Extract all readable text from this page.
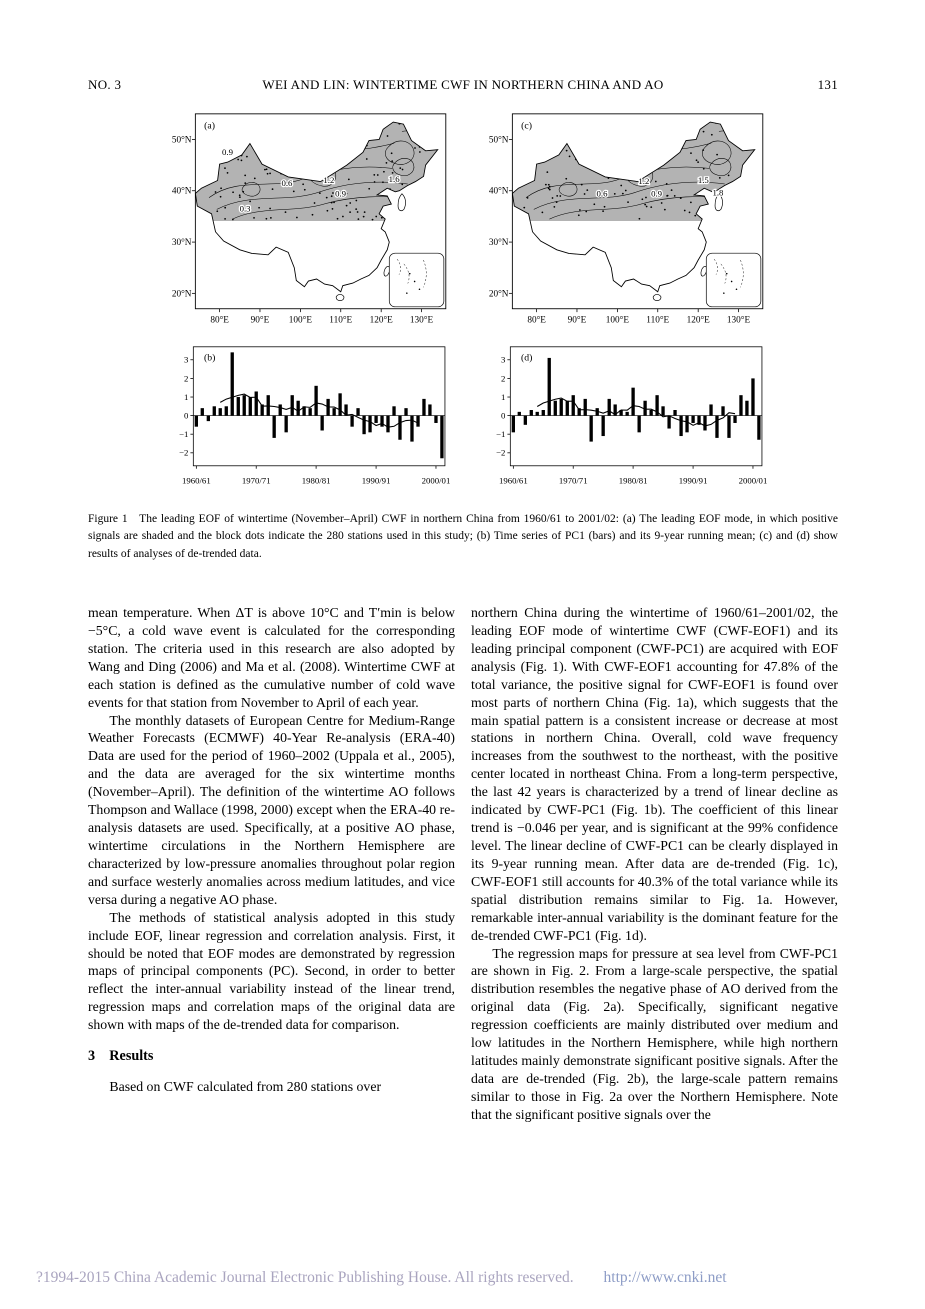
NO. 3	WEI AND LIN: WINTERTIME CWF IN NORTHERN CHINA AND AO	131
50°N
40°N
30°N
20°N
80°E 90°E 100°E 110°E 120°E 130°E
(a)
0.9
0.6
0.3
1.2
0.9
1.6
50°N
40°N
30°N
20°N
80°E 90°E 100°E 110°E 120°E 130°E
(c)
0.6
1.2
0.9
1.5
1.8
(b)
3
2
1
0
−1
−2
1960/61	1970/71	1980/81	1990/91	2000/01
(d)
3
2
1
0
−1
−2
1960/61	1970/71	1980/81	1990/91	2000/01
Figure 1  The leading EOF of wintertime (November–April) CWF in northern China from 1960/61 to 2001/02: (a) The leading EOF mode, in which positive signals are shaded and the block dots indicate the 280 stations used in this study; (b) Time series of PC1 (bars) and its 9-year running mean; (c) and (d) show results of analyses of de-trended data.

mean temperature. When ΔT is above 10°C and T′min is below −5°C, a cold wave event is calculated for the corresponding station. The criteria used in this research are also adopted by Wang and Ding (2006) and Ma et al. (2008). Wintertime CWF at each station is defined as the cumulative number of cold wave events for that station from November to April of each year.

The monthly datasets of European Centre for Medium-Range Weather Forecasts (ECMWF) 40-Year Re-analysis (ERA-40) Data are used for the period of 1960–2002 (Uppala et al., 2005), and the data are averaged for the six wintertime months (November–April). The definition of the wintertime AO follows Thompson and Wallace (1998, 2000) except when the ERA-40 re-analysis datasets are used. Specifically, at a positive AO phase, wintertime circulations in the Northern Hemisphere are characterized by low-pressure anomalies throughout polar region and surface westerly anomalies across medium latitudes, and vice versa during a negative AO phase.

The methods of statistical analysis adopted in this study include EOF, linear regression and correlation analysis. First, it should be noted that EOF modes are demonstrated by regression maps of principal components (PC). Second, in order to better reflect the inter-annual variability instead of the linear trend, regression maps and correlation maps of the original data are shown with maps of the de-trended data for comparison.

3  Results

Based on CWF calculated from 280 stations over

northern China during the wintertime of 1960/61–2001/02, the leading EOF mode of wintertime CWF (CWF-EOF1) and its leading principal component (CWF-PC1) are acquired with EOF analysis (Fig. 1). With CWF-EOF1 accounting for 47.8% of the total variance, the positive signal for CWF-EOF1 is found over most parts of northern China (Fig. 1a), which suggests that the main spatial pattern is a consistent increase or decrease at most stations in northern China. Overall, cold wave frequency increases from the southwest to the northeast, with the positive center located in northeast China. From a long-term perspective, the last 42 years is characterized by a trend of linear decline as indicated by CWF-PC1 (Fig. 1b). The coefficient of this linear trend is −0.046 per year, and is significant at the 99% confidence level. The linear decline of CWF-PC1 can be clearly displayed in its 9-year running mean. After data are de-trended (Fig. 1c), CWF-EOF1 still accounts for 40.3% of the total variance while its spatial distribution remains similar to Fig. 1a. However, remarkable inter-annual variability is the dominant feature for the de-trended CWF-PC1 (Fig. 1d).

The regression maps for pressure at sea level from CWF-PC1 are shown in Fig. 2. From a large-scale perspective, the spatial distribution resembles the negative phase of AO derived from the original data (Fig. 2a). Specifically, significant negative regression coefficients are mainly distributed over medium and low latitudes in the Northern Hemisphere, while high northern latitudes mainly demonstrate significant positive signals. After the data are de-trended (Fig. 2b), the large-scale pattern remains similar to those in Fig. 2a over the Northern Hemisphere. Note that the significant positive signals over the

?1994-2015 China Academic Journal Electronic Publishing House. All rights reserved. http://www.cnki.net
